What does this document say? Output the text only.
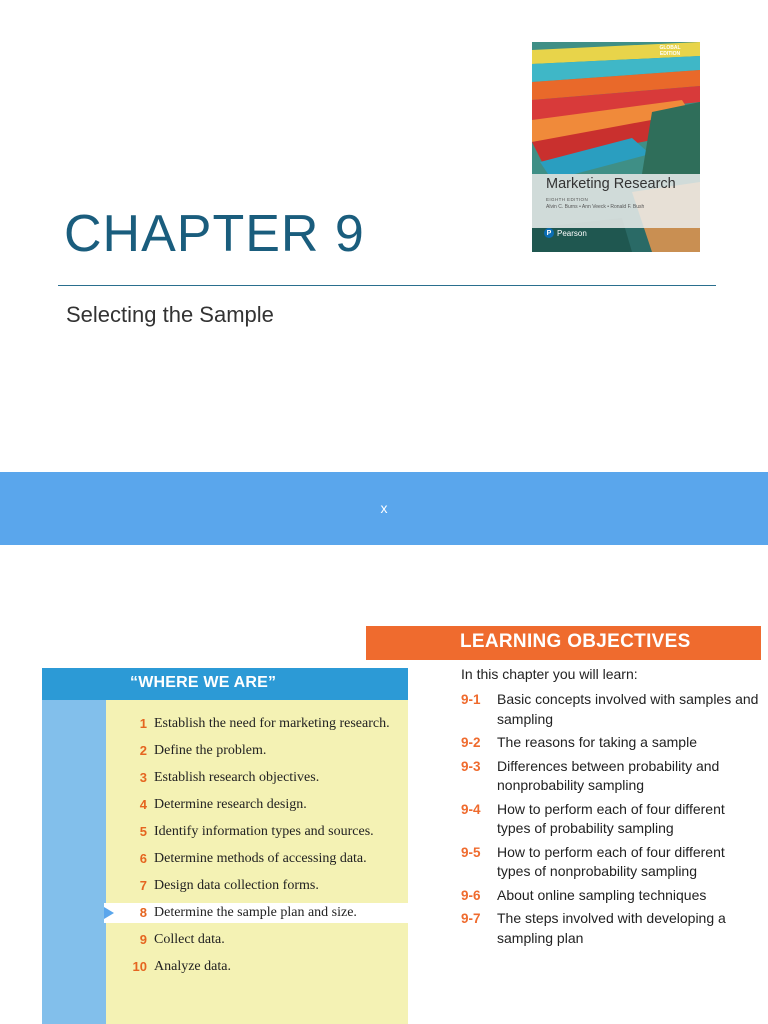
CHAPTER 9
Selecting the Sample
GLOBAL EDITION
Marketing Research
EIGHTH EDITION
Alvin C. Burns • Ann Veeck • Ronald F. Bush
P Pearson
x
LEARNING OBJECTIVES
In this chapter you will learn:
9-1	Basic concepts involved with samples and sampling
9-2	The reasons for taking a sample
9-3	Differences between probability and nonprobability sampling
9-4	How to perform each of four different types of probability sampling
9-5	How to perform each of four different types of nonprobability sampling
9-6	About online sampling techniques
9-7	The steps involved with developing a sampling plan
“WHERE WE ARE”
1 Establish the need for marketing research.
2 Define the problem.
3 Establish research objectives.
4 Determine research design.
5 Identify information types and sources.
6 Determine methods of accessing data.
7 Design data collection forms.
8 Determine the sample plan and size.
9 Collect data.
10 Analyze data.
